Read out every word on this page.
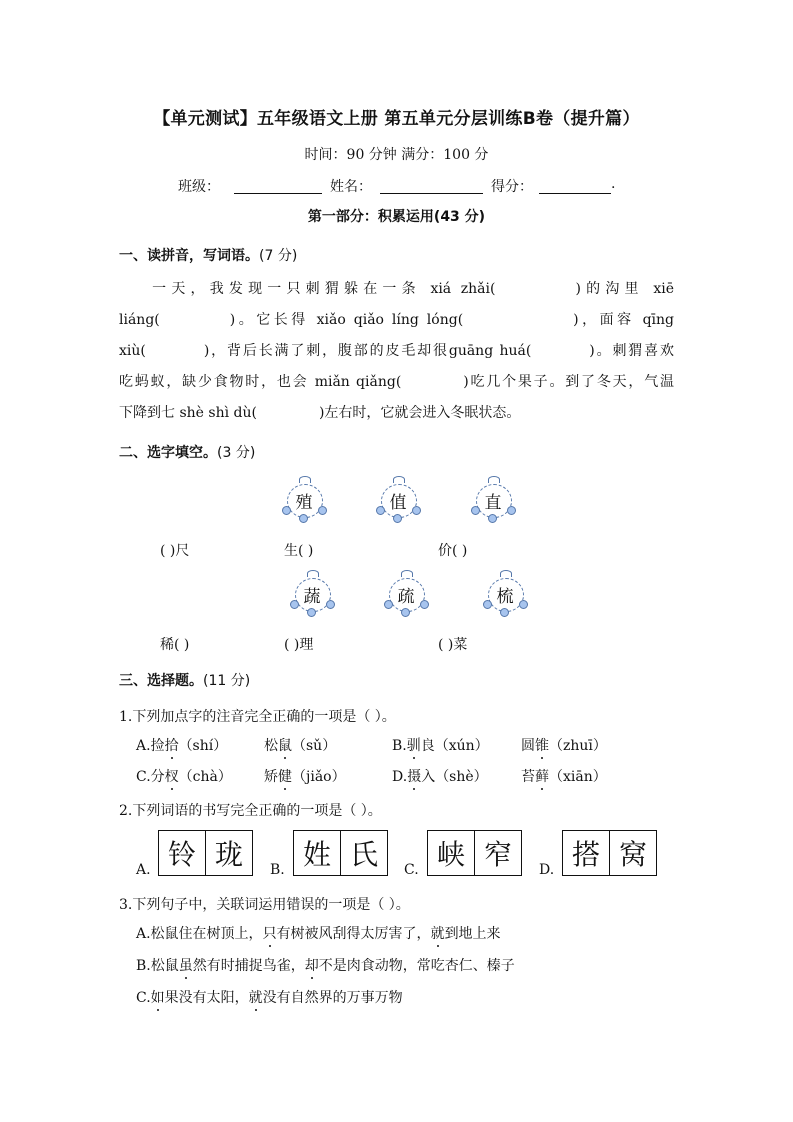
【单元测试】五年级语文上册 第五单元分层训练B卷（提升篇）
时间：90 分钟 满分：100 分
班级：	姓名：	得分：	.
第一部分：积累运用(43 分)
一、读拼音，写词语。(7 分)
一天，我发现一只刺猬躲在一条 xiá zhǎi(	)的沟里 xiē
liáng(	)。它长得 xiǎo qiǎo líng lóng(	)，面容 qīng
xiù(	)，背后长满了刺，腹部的皮毛却很guāng huá(	)。刺猬喜欢
吃蚂蚁，缺少食物时，也会 miǎn qiǎng(	)吃几个果子。到了冬天，气温
下降到七 shè shì dù(	)左右时，它就会进入冬眠状态。
二、选字填空。(3 分)
殖	值	直
( )尺	生( )	价( )
蔬	疏	梳
稀( )	( )理	( )菜
三、选择题。(11 分)
1.下列加点字的注音完全正确的一项是（ ）。
A.捡拾（shí）	松鼠（sǔ）	B.驯良（xún） 圆锥（zhuī）
C.分杈（chà） 矫健（jiǎo）	D.摄入（shè） 苔藓（xiān）
2.下列词语的书写完全正确的一项是（ ）。
A. 铃 珑	B. 姓 氏	C. 峡 窄	D. 搭 窝
3.下列句子中，关联词运用错误的一项是（ ）。
A.松鼠住在树顶上，只有树被风刮得太厉害了，就到地上来
B.松鼠虽然有时捕捉鸟雀，却不是肉食动物，常吃杏仁、榛子
C.如果没有太阳，就没有自然界的万事万物
